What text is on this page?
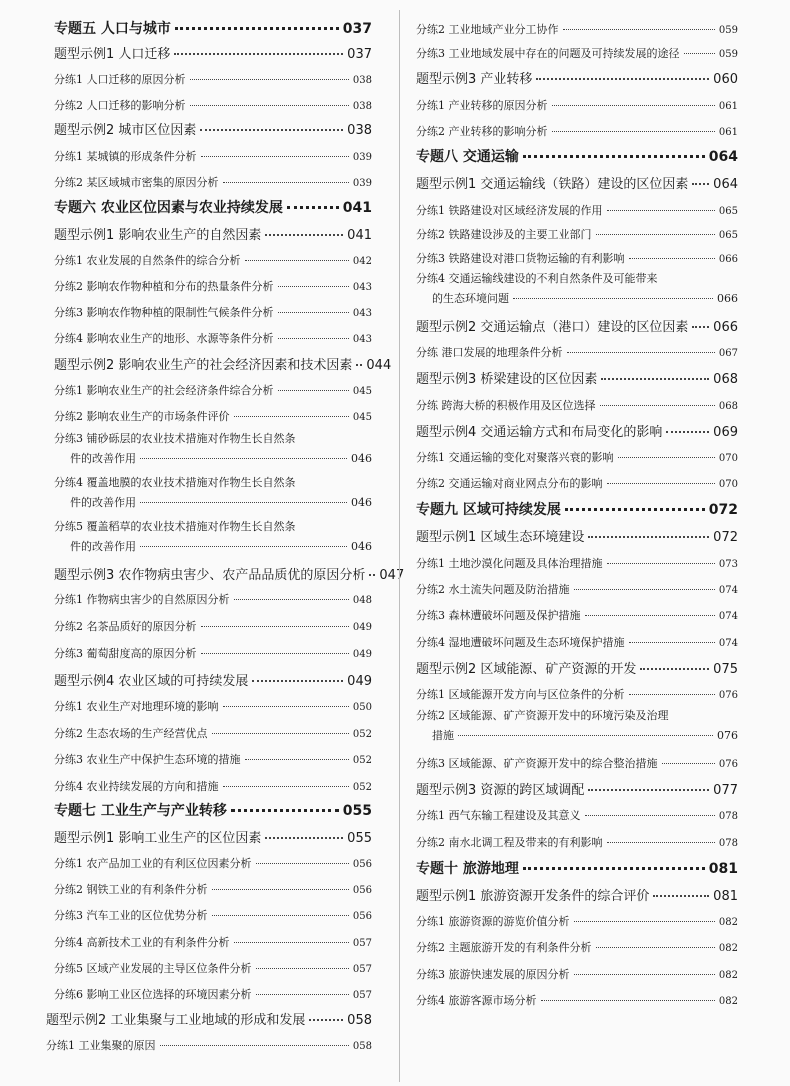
专题五 人口与城市	037
题型示例1 人口迁移	037
分练1 人口迁移的原因分析	038
分练2 人口迁移的影响分析	038
题型示例2 城市区位因素	038
分练1 某城镇的形成条件分析	039
分练2 某区域城市密集的原因分析	039
专题六 农业区位因素与农业持续发展	041
题型示例1 影响农业生产的自然因素	041
分练1 农业发展的自然条件的综合分析	042
分练2 影响农作物种植和分布的热量条件分析	043
分练3 影响农作物种植的限制性气候条件分析	043
分练4 影响农业生产的地形、水源等条件分析	043
题型示例2 影响农业生产的社会经济因素和技术因素 044
分练1 影响农业生产的社会经济条件综合分析	045
分练2 影响农业生产的市场条件评价	045
分练3 铺砂砾层的农业技术措施对作物生长自然条
件的改善作用	046
分练4 覆盖地膜的农业技术措施对作物生长自然条
件的改善作用	046
分练5 覆盖稻草的农业技术措施对作物生长自然条
件的改善作用	046
题型示例3 农作物病虫害少、农产品品质优的原因分析 047
分练1 作物病虫害少的自然原因分析	048
分练2 名茶品质好的原因分析	049
分练3 葡萄甜度高的原因分析	049
题型示例4 农业区域的可持续发展	049
分练1 农业生产对地理环境的影响	050
分练2 生态农场的生产经营优点	052
分练3 农业生产中保护生态环境的措施	052
分练4 农业持续发展的方向和措施	052
专题七 工业生产与产业转移	055
题型示例1 影响工业生产的区位因素	055
分练1 农产品加工业的有利区位因素分析	056
分练2 钢铁工业的有利条件分析	056
分练3 汽车工业的区位优势分析	056
分练4 高新技术工业的有利条件分析	057
分练5 区域产业发展的主导区位条件分析	057
分练6 影响工业区位选择的环境因素分析	057
题型示例2 工业集聚与工业地域的形成和发展	058
分练1 工业集聚的原因	058
分练2 工业地域产业分工协作	059
分练3 工业地域发展中存在的问题及可持续发展的途径	059
题型示例3 产业转移	060
分练1 产业转移的原因分析	061
分练2 产业转移的影响分析	061
专题八 交通运输	064
题型示例1 交通运输线（铁路）建设的区位因素 064
分练1 铁路建设对区域经济发展的作用	065
分练2 铁路建设涉及的主要工业部门	065
分练3 铁路建设对港口货物运输的有利影响	066
分练4 交通运输线建设的不利自然条件及可能带来
的生态环境问题	066
题型示例2 交通运输点（港口）建设的区位因素 066
分练 港口发展的地理条件分析	067
题型示例3 桥梁建设的区位因素	068
分练 跨海大桥的积极作用及区位选择	068
题型示例4 交通运输方式和布局变化的影响	069
分练1 交通运输的变化对聚落兴衰的影响	070
分练2 交通运输对商业网点分布的影响	070
专题九 区域可持续发展	072
题型示例1 区域生态环境建设	072
分练1 土地沙漠化问题及具体治理措施	073
分练2 水土流失问题及防治措施	074
分练3 森林遭破坏问题及保护措施	074
分练4 湿地遭破坏问题及生态环境保护措施	074
题型示例2 区域能源、矿产资源的开发	075
分练1 区域能源开发方向与区位条件的分析	076
分练2 区域能源、矿产资源开发中的环境污染及治理
措施	076
分练3 区域能源、矿产资源开发中的综合整治措施	076
题型示例3 资源的跨区域调配	077
分练1 西气东输工程建设及其意义	078
分练2 南水北调工程及带来的有利影响	078
专题十 旅游地理	081
题型示例1 旅游资源开发条件的综合评价	081
分练1 旅游资源的游览价值分析	082
分练2 主题旅游开发的有利条件分析	082
分练3 旅游快速发展的原因分析	082
分练4 旅游客源市场分析	082
